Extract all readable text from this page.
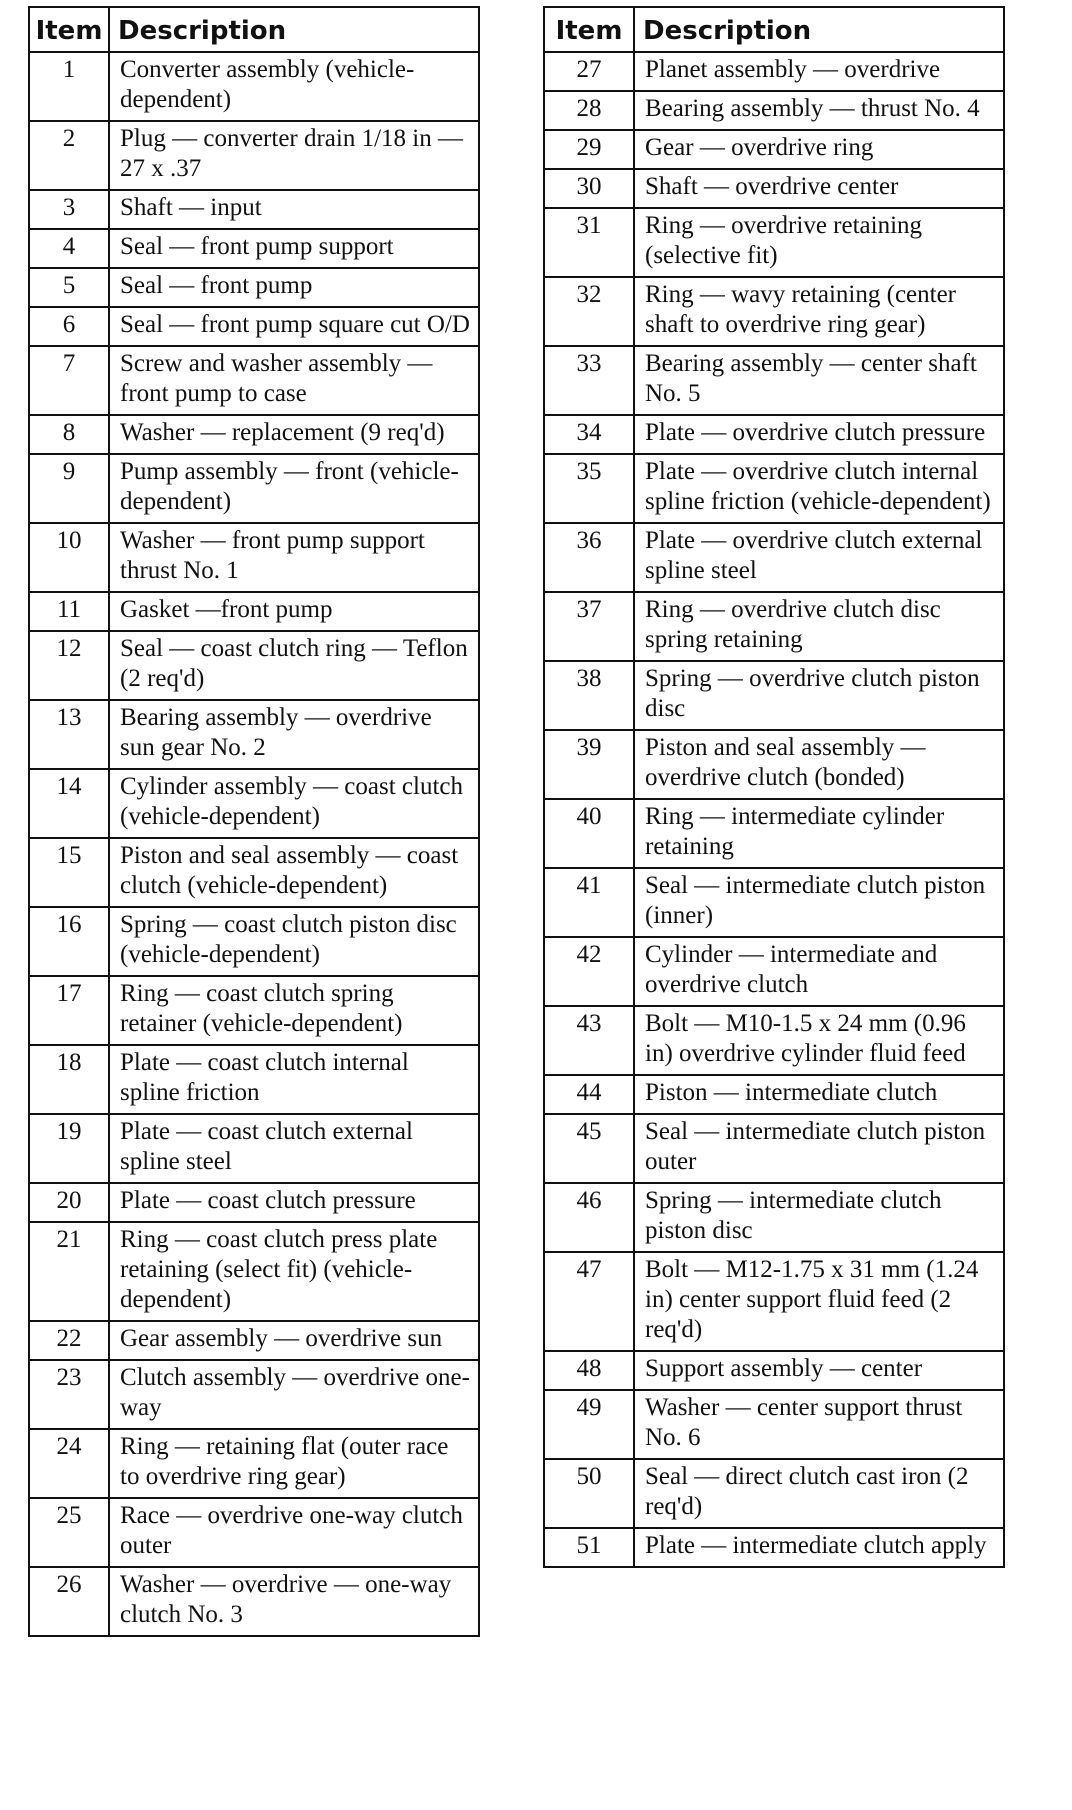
Item	Description
1	Converter assembly (vehicle-dependent)
2	Plug — converter drain 1/18 in — 27 x .37
3	Shaft — input
4	Seal — front pump support
5	Seal — front pump
6	Seal — front pump square cut O/D
7	Screw and washer assembly — front pump to case
8	Washer — replacement (9 req'd)
9	Pump assembly — front (vehicle-dependent)
10	Washer — front pump support thrust No. 1
11	Gasket —front pump
12	Seal — coast clutch ring — Teflon (2 req'd)
13	Bearing assembly — overdrive sun gear No. 2
14	Cylinder assembly — coast clutch (vehicle-dependent)
15	Piston and seal assembly — coast clutch (vehicle-dependent)
16	Spring — coast clutch piston disc (vehicle-dependent)
17	Ring — coast clutch spring retainer (vehicle-dependent)
18	Plate — coast clutch internal spline friction
19	Plate — coast clutch external spline steel
20	Plate — coast clutch pressure
21	Ring — coast clutch press plate retaining (select fit) (vehicle-dependent)
22	Gear assembly — overdrive sun
23	Clutch assembly — overdrive one-way
24	Ring — retaining flat (outer race to overdrive ring gear)
25	Race — overdrive one-way clutch outer
26	Washer — overdrive — one-way clutch No. 3
Item	Description
27	Planet assembly — overdrive
28	Bearing assembly — thrust No. 4
29	Gear — overdrive ring
30	Shaft — overdrive center
31	Ring — overdrive retaining (selective fit)
32	Ring — wavy retaining (center shaft to overdrive ring gear)
33	Bearing assembly — center shaft No. 5
34	Plate — overdrive clutch pressure
35	Plate — overdrive clutch internal spline friction (vehicle-dependent)
36	Plate — overdrive clutch external spline steel
37	Ring — overdrive clutch disc spring retaining
38	Spring — overdrive clutch piston disc
39	Piston and seal assembly — overdrive clutch (bonded)
40	Ring — intermediate cylinder retaining
41	Seal — intermediate clutch piston (inner)
42	Cylinder — intermediate and overdrive clutch
43	Bolt — M10-1.5 x 24 mm (0.96 in) overdrive cylinder fluid feed
44	Piston — intermediate clutch
45	Seal — intermediate clutch piston outer
46	Spring — intermediate clutch piston disc
47	Bolt — M12-1.75 x 31 mm (1.24 in) center support fluid feed (2 req'd)
48	Support assembly — center
49	Washer — center support thrust No. 6
50	Seal — direct clutch cast iron (2 req'd)
51	Plate — intermediate clutch apply
